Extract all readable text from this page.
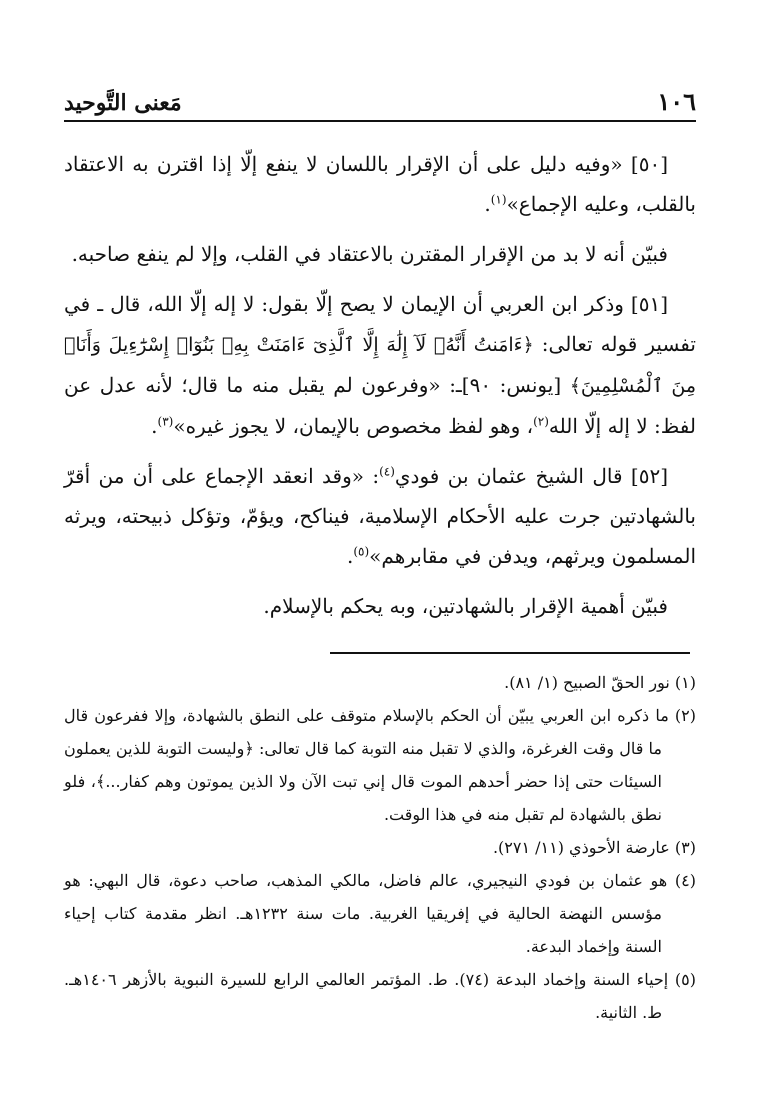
١٠٦
مَعنى التَّوحيد

[٥٠] «وفيه دليل على أن الإقرار باللسان لا ينفع إلّا إذا اقترن به الاعتقاد بالقلب، وعليه الإجماع»$^{(١)}$.

فبيّن أنه لا بد من الإقرار المقترن بالاعتقاد في القلب، وإلا لم ينفع صاحبه.

[٥١] وذكر ابن العربي أن الإيمان لا يصح إلّا بقول: لا إله إلّا الله، قال ـ في تفسير قوله تعالى: ﴿ءَامَنتُ أَنَّهُۥ لَآ إِلَٰهَ إِلَّا ٱلَّذِىٓ ءَامَنَتْ بِهِۦ بَنُوٓا۟ إِسْرَٰٓءِيلَ وَأَنَا۠ مِنَ ٱلْمُسْلِمِينَ﴾ [يونس: ٩٠]ـ: «وفرعون لم يقبل منه ما قال؛ لأنه عدل عن لفظ: لا إله إلّا الله$^{(٢)}$، وهو لفظ مخصوص بالإيمان، لا يجوز غيره»$^{(٣)}$.

[٥٢] قال الشيخ عثمان بن فودي$^{(٤)}$: «وقد انعقد الإجماع على أن من أقرّ بالشهادتين جرت عليه الأحكام الإسلامية، فيناكح، ويؤمّ، وتؤكل ذبيحته، ويرثه المسلمون ويرثهم، ويدفن في مقابرهم»$^{(٥)}$.

فبيّن أهمية الإقرار بالشهادتين، وبه يحكم بالإسلام.

(١) نور الحقّ الصبيح (١/ ٨١).

(٢) ما ذكره ابن العربي يبيّن أن الحكم بالإسلام متوقف على النطق بالشهادة، وإلا ففرعون قال ما قال وقت الغرغرة، والذي لا تقبل منه التوبة كما قال تعالى: ﴿وليست التوبة للذين يعملون السيئات حتى إذا حضر أحدهم الموت قال إني تبت الآن ولا الذين يموتون وهم كفار...﴾، فلو نطق بالشهادة لم تقبل منه في هذا الوقت.

(٣) عارضة الأحوذي (١١/ ٢٧١).

(٤) هو عثمان بن فودي النيجيري، عالم فاضل، مالكي المذهب، صاحب دعوة، قال البهي: هو مؤسس النهضة الحالية في إفريقيا الغربية. مات سنة ١٢٣٢هـ. انظر مقدمة كتاب إحياء السنة وإخماد البدعة.

(٥) إحياء السنة وإخماد البدعة (٧٤). ط. المؤتمر العالمي الرابع للسيرة النبوية بالأزهر ١٤٠٦هـ. ط. الثانية.
